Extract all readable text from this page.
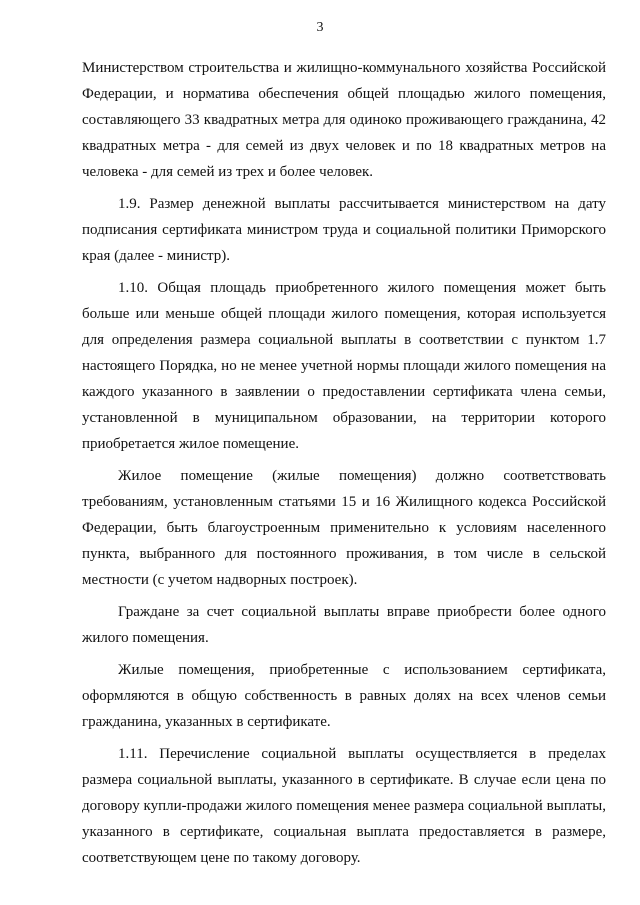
3

Министерством строительства и жилищно-коммунального хозяйства Российской Федерации, и норматива обеспечения общей площадью жилого помещения, составляющего 33 квадратных метра для одиноко проживающего гражданина, 42 квадратных метра - для семей из двух человек и по 18 квадратных метров на человека - для семей из трех и более человек.

1.9. Размер денежной выплаты рассчитывается министерством на дату подписания сертификата министром труда и социальной политики Приморского края (далее - министр).

1.10. Общая площадь приобретенного жилого помещения может быть больше или меньше общей площади жилого помещения, которая используется для определения размера социальной выплаты в соответствии с пунктом 1.7 настоящего Порядка, но не менее учетной нормы площади жилого помещения на каждого указанного в заявлении о предоставлении сертификата члена семьи, установленной в муниципальном образовании, на территории которого приобретается жилое помещение.

Жилое помещение (жилые помещения) должно соответствовать требованиям, установленным статьями 15 и 16 Жилищного кодекса Российской Федерации, быть благоустроенным применительно к условиям населенного пункта, выбранного для постоянного проживания, в том числе в сельской местности (с учетом надворных построек).

Граждане за счет социальной выплаты вправе приобрести более одного жилого помещения.

Жилые помещения, приобретенные с использованием сертификата, оформляются в общую собственность в равных долях на всех членов семьи гражданина, указанных в сертификате.

1.11. Перечисление социальной выплаты осуществляется в пределах размера социальной выплаты, указанного в сертификате. В случае если цена по договору купли-продажи жилого помещения менее размера социальной выплаты, указанного в сертификате, социальная выплата предоставляется в размере, соответствующем цене по такому договору.
